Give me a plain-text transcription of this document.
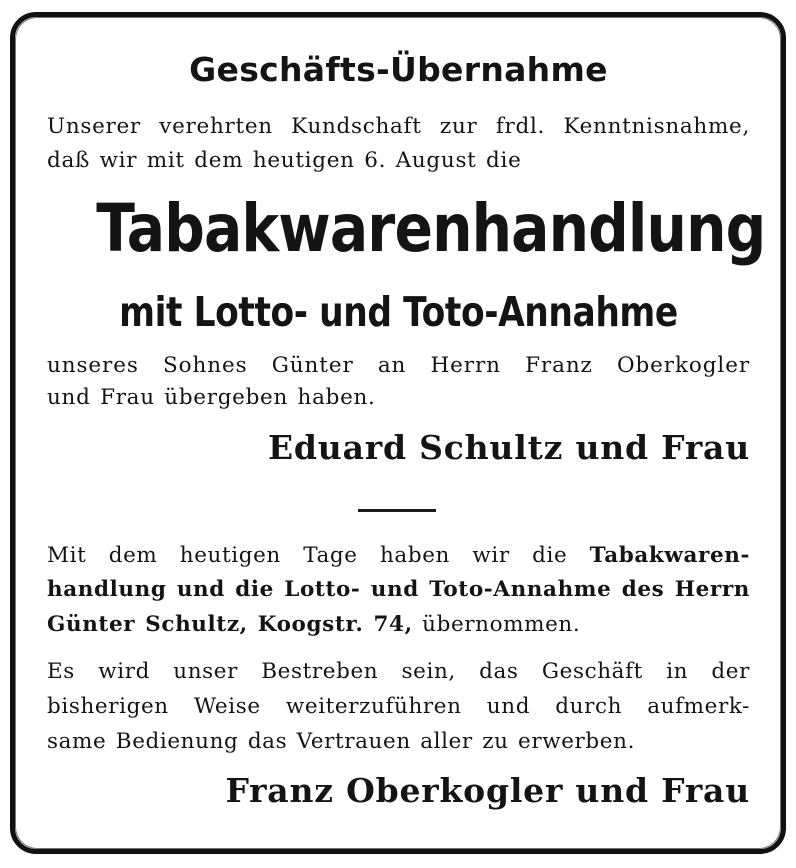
Geschäfts-Übernahme
Unserer verehrten Kundschaft zur frdl. Kenntnisnahme,
daß wir mit dem heutigen 6. August die
Tabakwarenhandlung
mit Lotto- und Toto-Annahme
unseres Sohnes Günter an Herrn Franz Oberkogler
und Frau übergeben haben.
Eduard Schultz und Frau
Mit dem heutigen Tage haben wir die Tabakwaren-
handlung und die Lotto- und Toto-Annahme des Herrn
Günter Schultz, Koogstr. 74, übernommen.
Es wird unser Bestreben sein, das Geschäft in der
bisherigen Weise weiterzuführen und durch aufmerk-
same Bedienung das Vertrauen aller zu erwerben.
Franz Oberkogler und Frau
